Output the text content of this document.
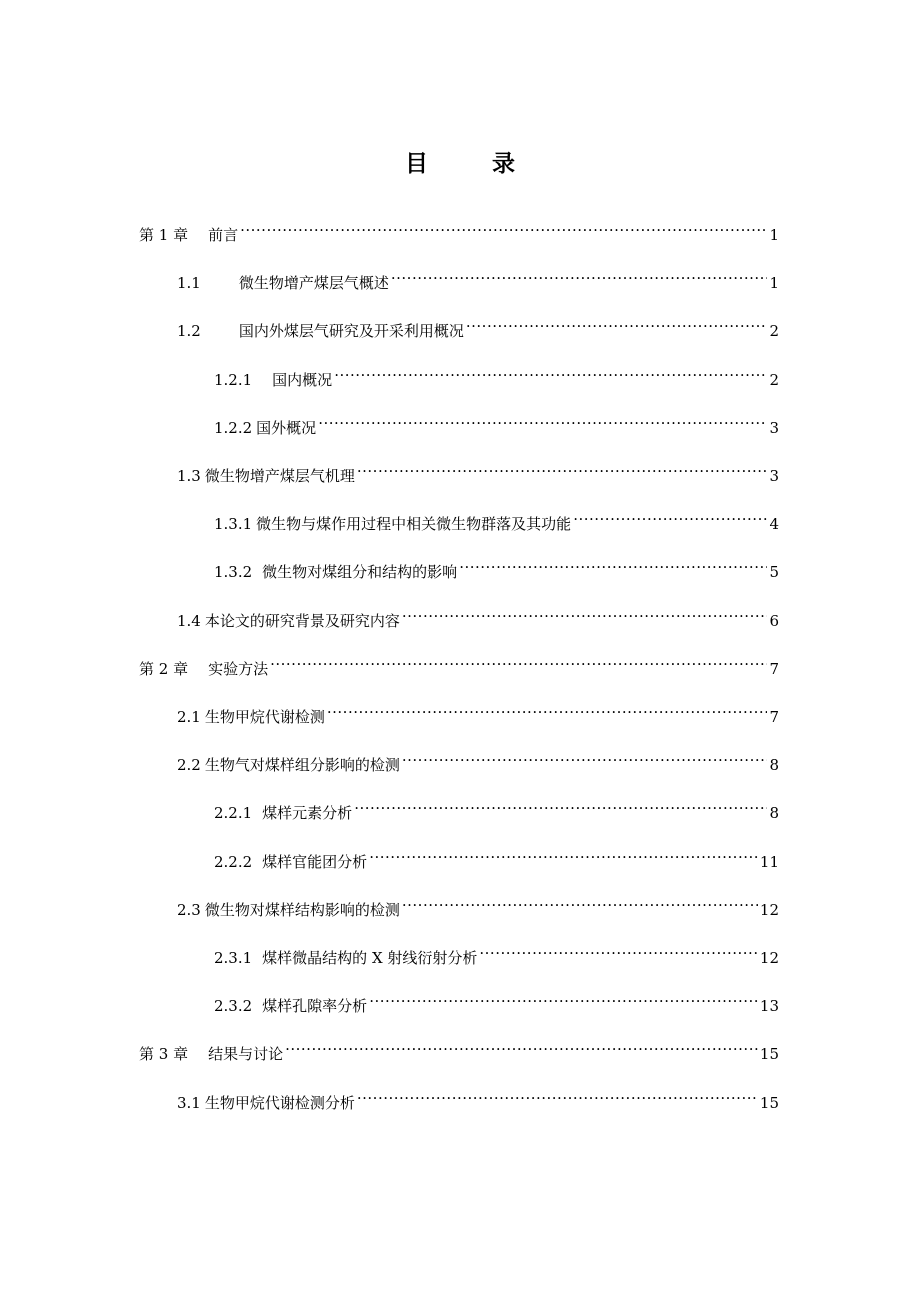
目 录
第 1 章 前言 .....	1
1.1	微生物增产煤层气概述 .....	1
1.2	国内外煤层气研究及开采利用概况 .....	2
1.2.1 国内概况 .....	2
1.2.2 国外概况 .....	3
1.3 微生物增产煤层气机理 .....	3
1.3.1 微生物与煤作用过程中相关微生物群落及其功能 .....	4
1.3.2 微生物对煤组分和结构的影响 .....	5
1.4 本论文的研究背景及研究内容 .....	6
第 2 章 实验方法 .....	7
2.1 生物甲烷代谢检测 .....	7
2.2 生物气对煤样组分影响的检测 .....	8
2.2.1 煤样元素分析 .....	8
2.2.2 煤样官能团分析 .....	11
2.3 微生物对煤样结构影响的检测 .....	12
2.3.1 煤样微晶结构的 X 射线衍射分析 .....	12
2.3.2 煤样孔隙率分析 .....	13
第 3 章 结果与讨论 .....	15
3.1 生物甲烷代谢检测分析 .....	15
